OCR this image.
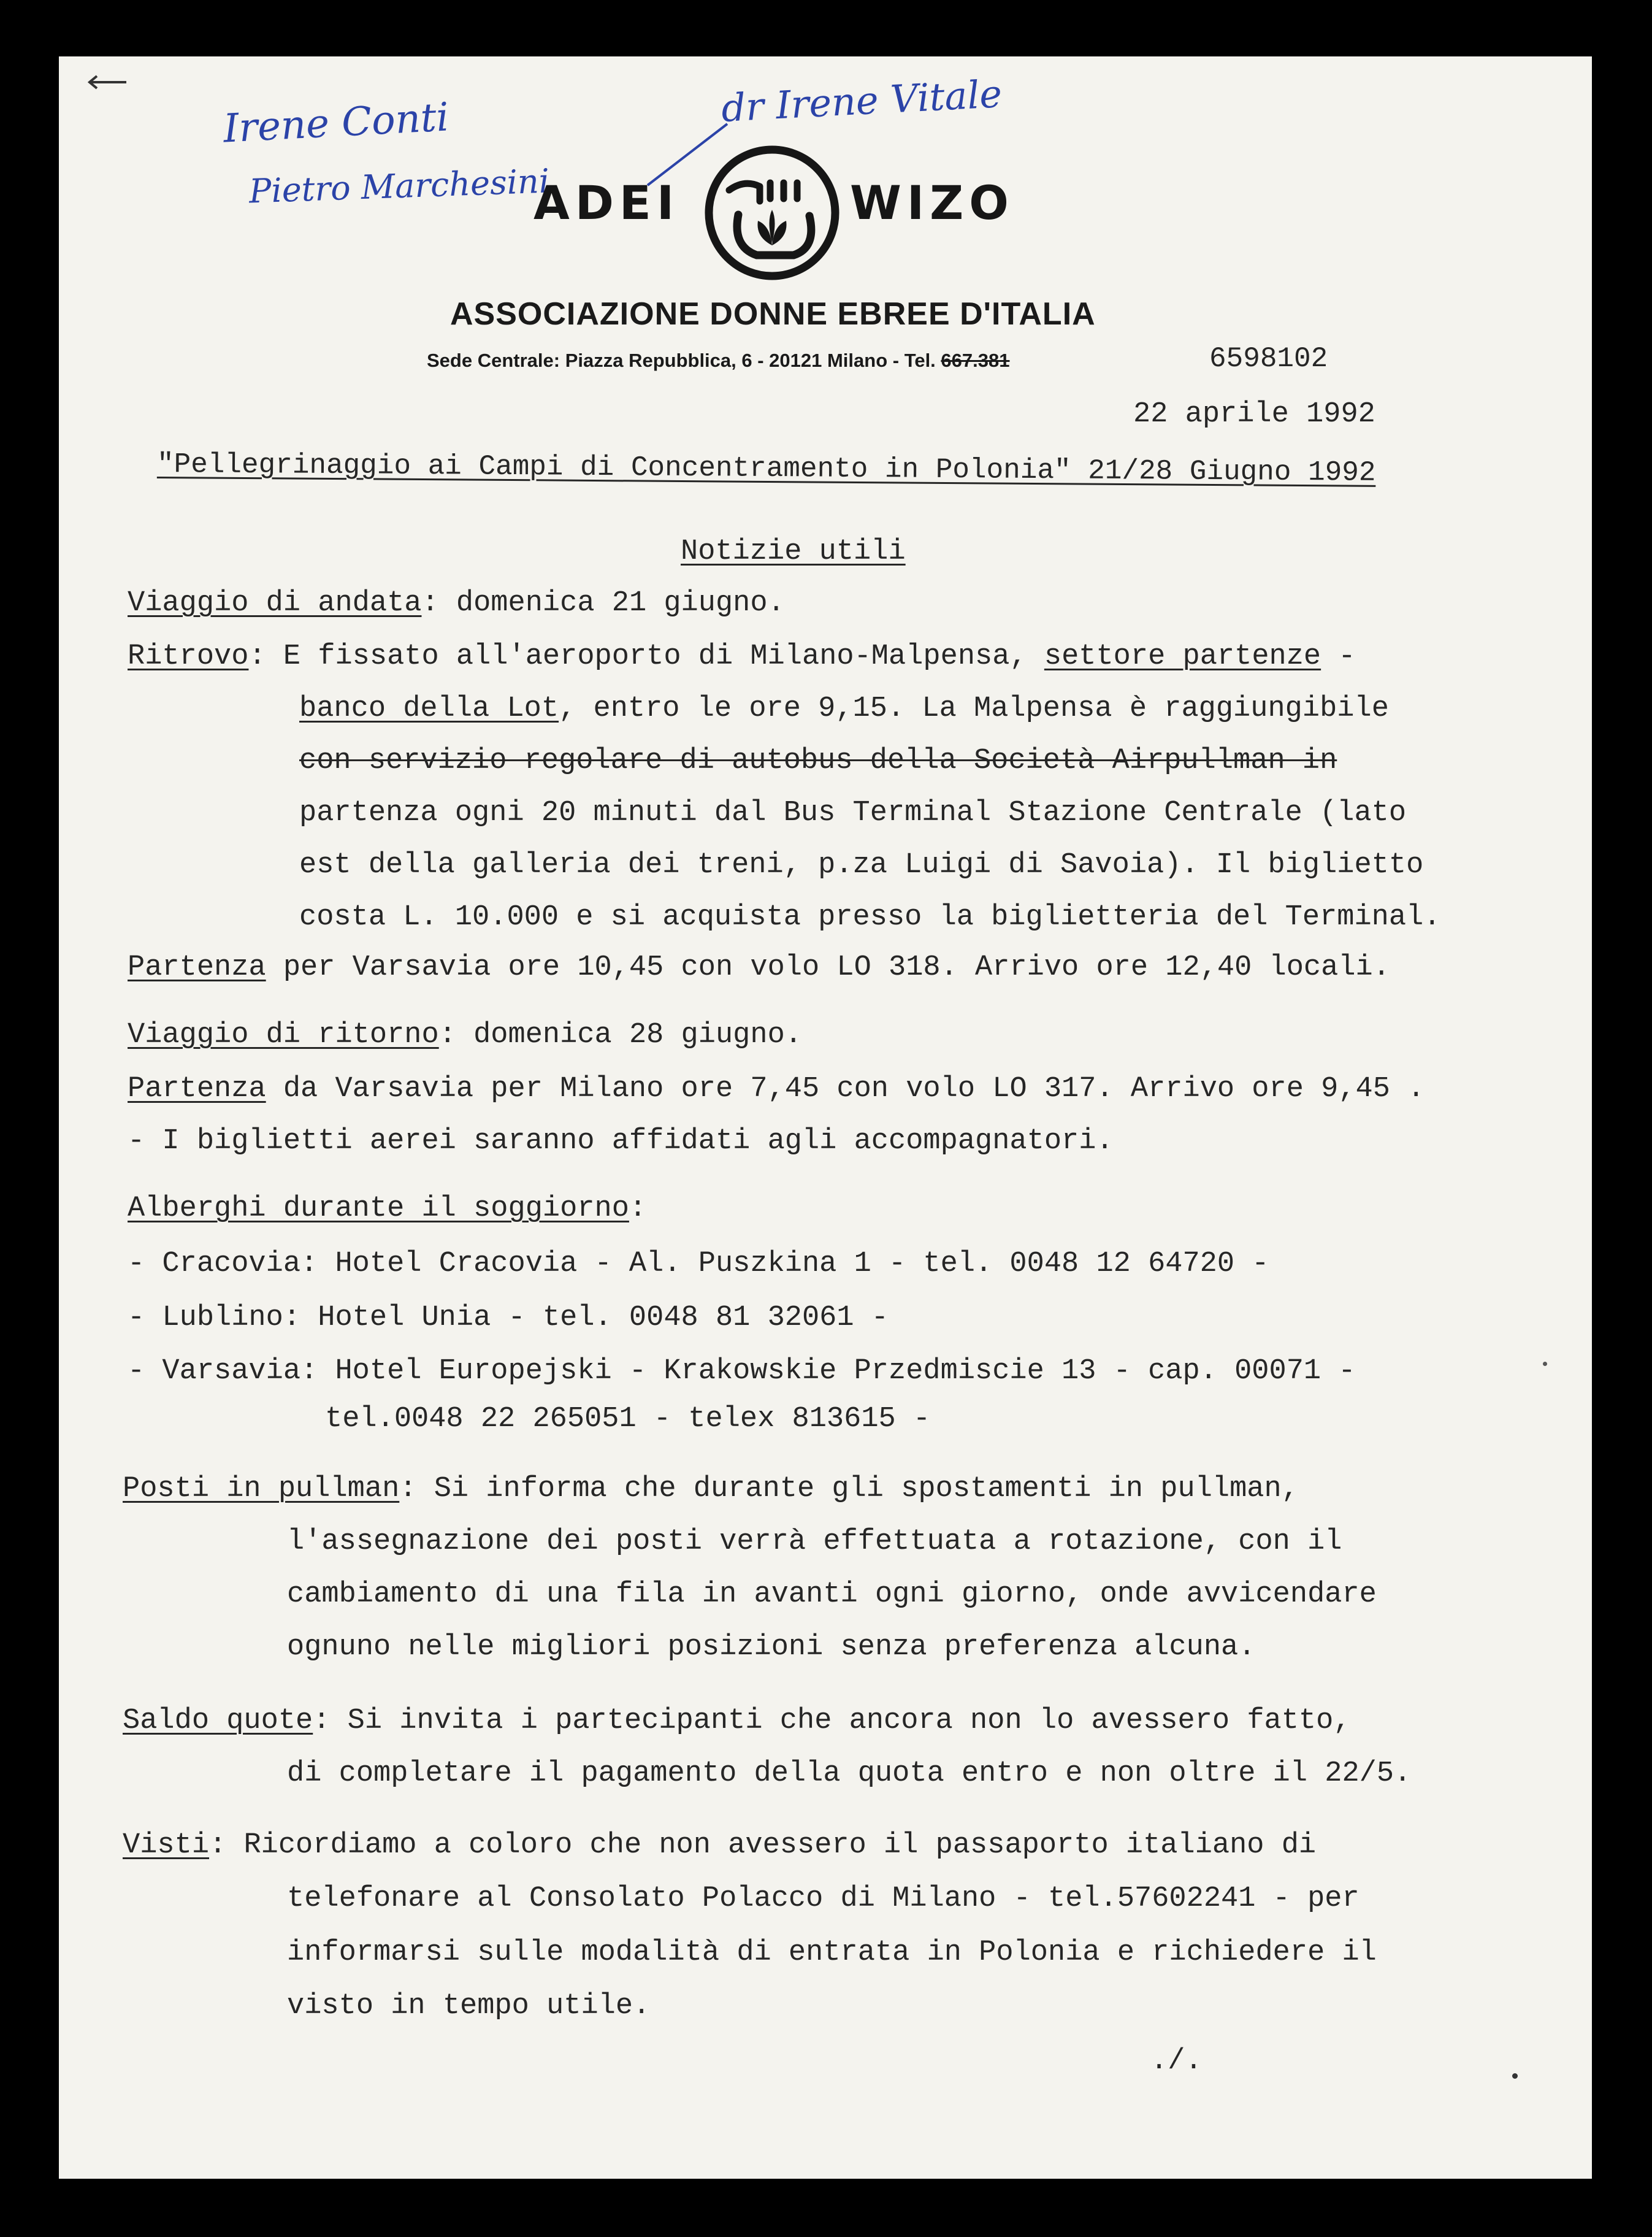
Irene Conti
Pietro Marchesini
dr Irene Vitale
ADEI	WIZO
ASSOCIAZIONE DONNE EBREE D'ITALIA
Sede Centrale: Piazza Repubblica, 6 - 20121 Milano - Tel. 667.381	6598102
22 aprile 1992
"Pellegrinaggio ai Campi di Concentramento in Polonia" 21/28 Giugno 1992
Notizie utili
Viaggio di andata: domenica 21 giugno.
Ritrovo: E fissato all'aeroporto di Milano-Malpensa, settore partenze -
banco della Lot, entro le ore 9,15. La Malpensa è raggiungibile
con servizio regolare di autobus della Società Airpullman in
partenza ogni 20 minuti dal Bus Terminal Stazione Centrale (lato
est della galleria dei treni, p.za Luigi di Savoia). Il biglietto
costa L. 10.000 e si acquista presso la biglietteria del Terminal.
Partenza per Varsavia ore 10,45 con volo LO 318. Arrivo ore 12,40 locali.
Viaggio di ritorno: domenica 28 giugno.
Partenza da Varsavia per Milano ore 7,45 con volo LO 317. Arrivo ore 9,45 .
- I biglietti aerei saranno affidati agli accompagnatori.
Alberghi durante il soggiorno:
- Cracovia: Hotel Cracovia - Al. Puszkina 1 - tel. 0048 12 64720 -
- Lublino: Hotel Unia - tel. 0048 81 32061 -
- Varsavia: Hotel Europejski - Krakowskie Przedmiscie 13 - cap. 00071 -
tel.0048 22 265051 - telex 813615 -
Posti in pullman: Si informa che durante gli spostamenti in pullman,
l'assegnazione dei posti verrà effettuata a rotazione, con il
cambiamento di una fila in avanti ogni giorno, onde avvicendare
ognuno nelle migliori posizioni senza preferenza alcuna.
Saldo quote: Si invita i partecipanti che ancora non lo avessero fatto,
di completare il pagamento della quota entro e non oltre il 22/5.
Visti: Ricordiamo a coloro che non avessero il passaporto italiano di
telefonare al Consolato Polacco di Milano - tel.57602241 - per
informarsi sulle modalità di entrata in Polonia e richiedere il
visto in tempo utile.
./.
